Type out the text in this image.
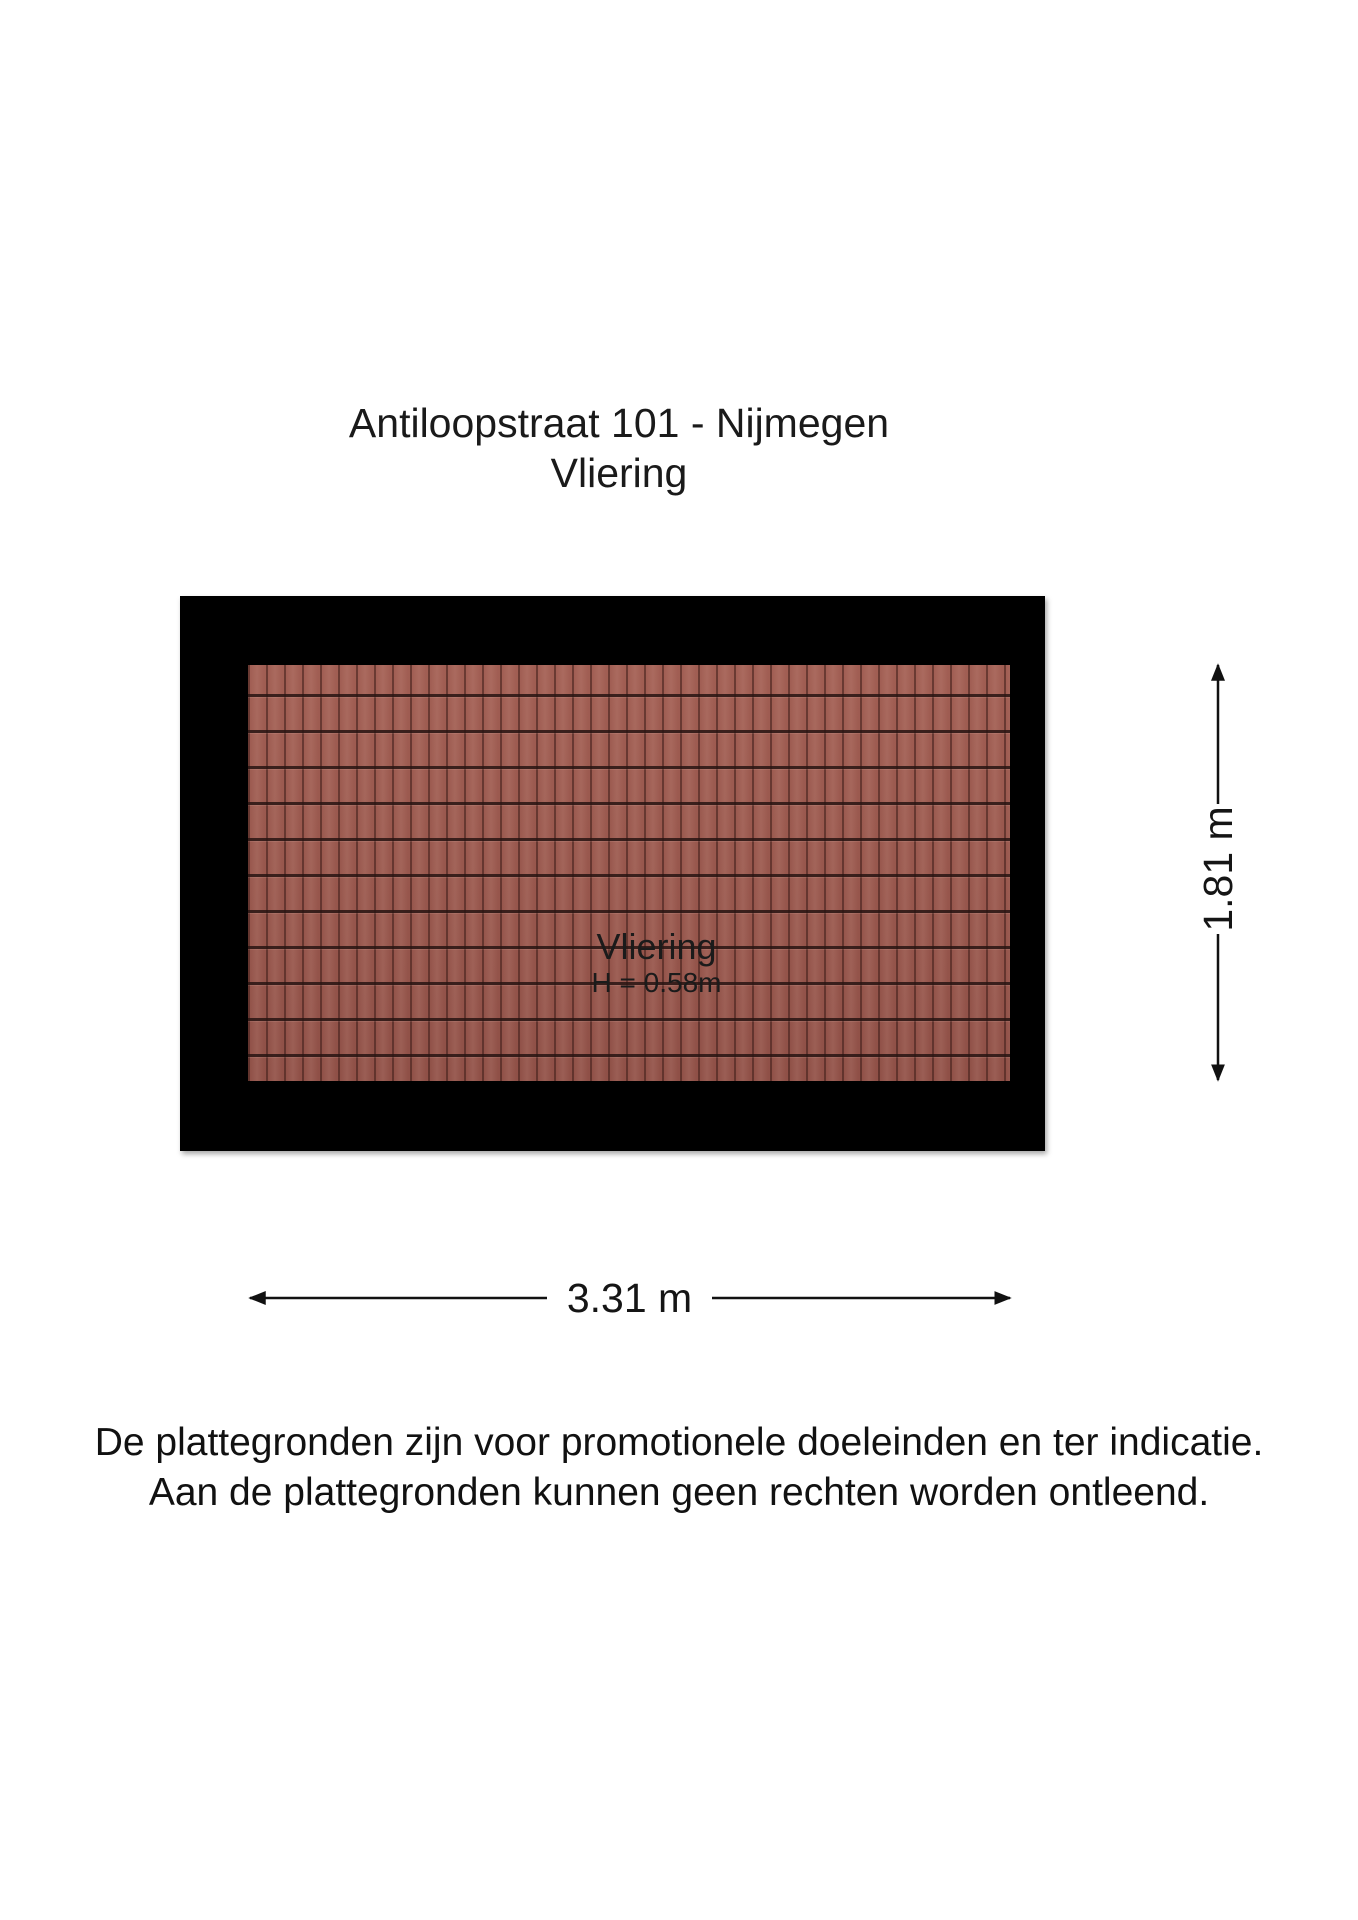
Antiloopstraat 101 - Nijmegen
Vliering
Vliering
H = 0.58m
3.31 m
1.81 m
De plattegronden zijn voor promotionele doeleinden en ter indicatie.
Aan de plattegronden kunnen geen rechten worden ontleend.
